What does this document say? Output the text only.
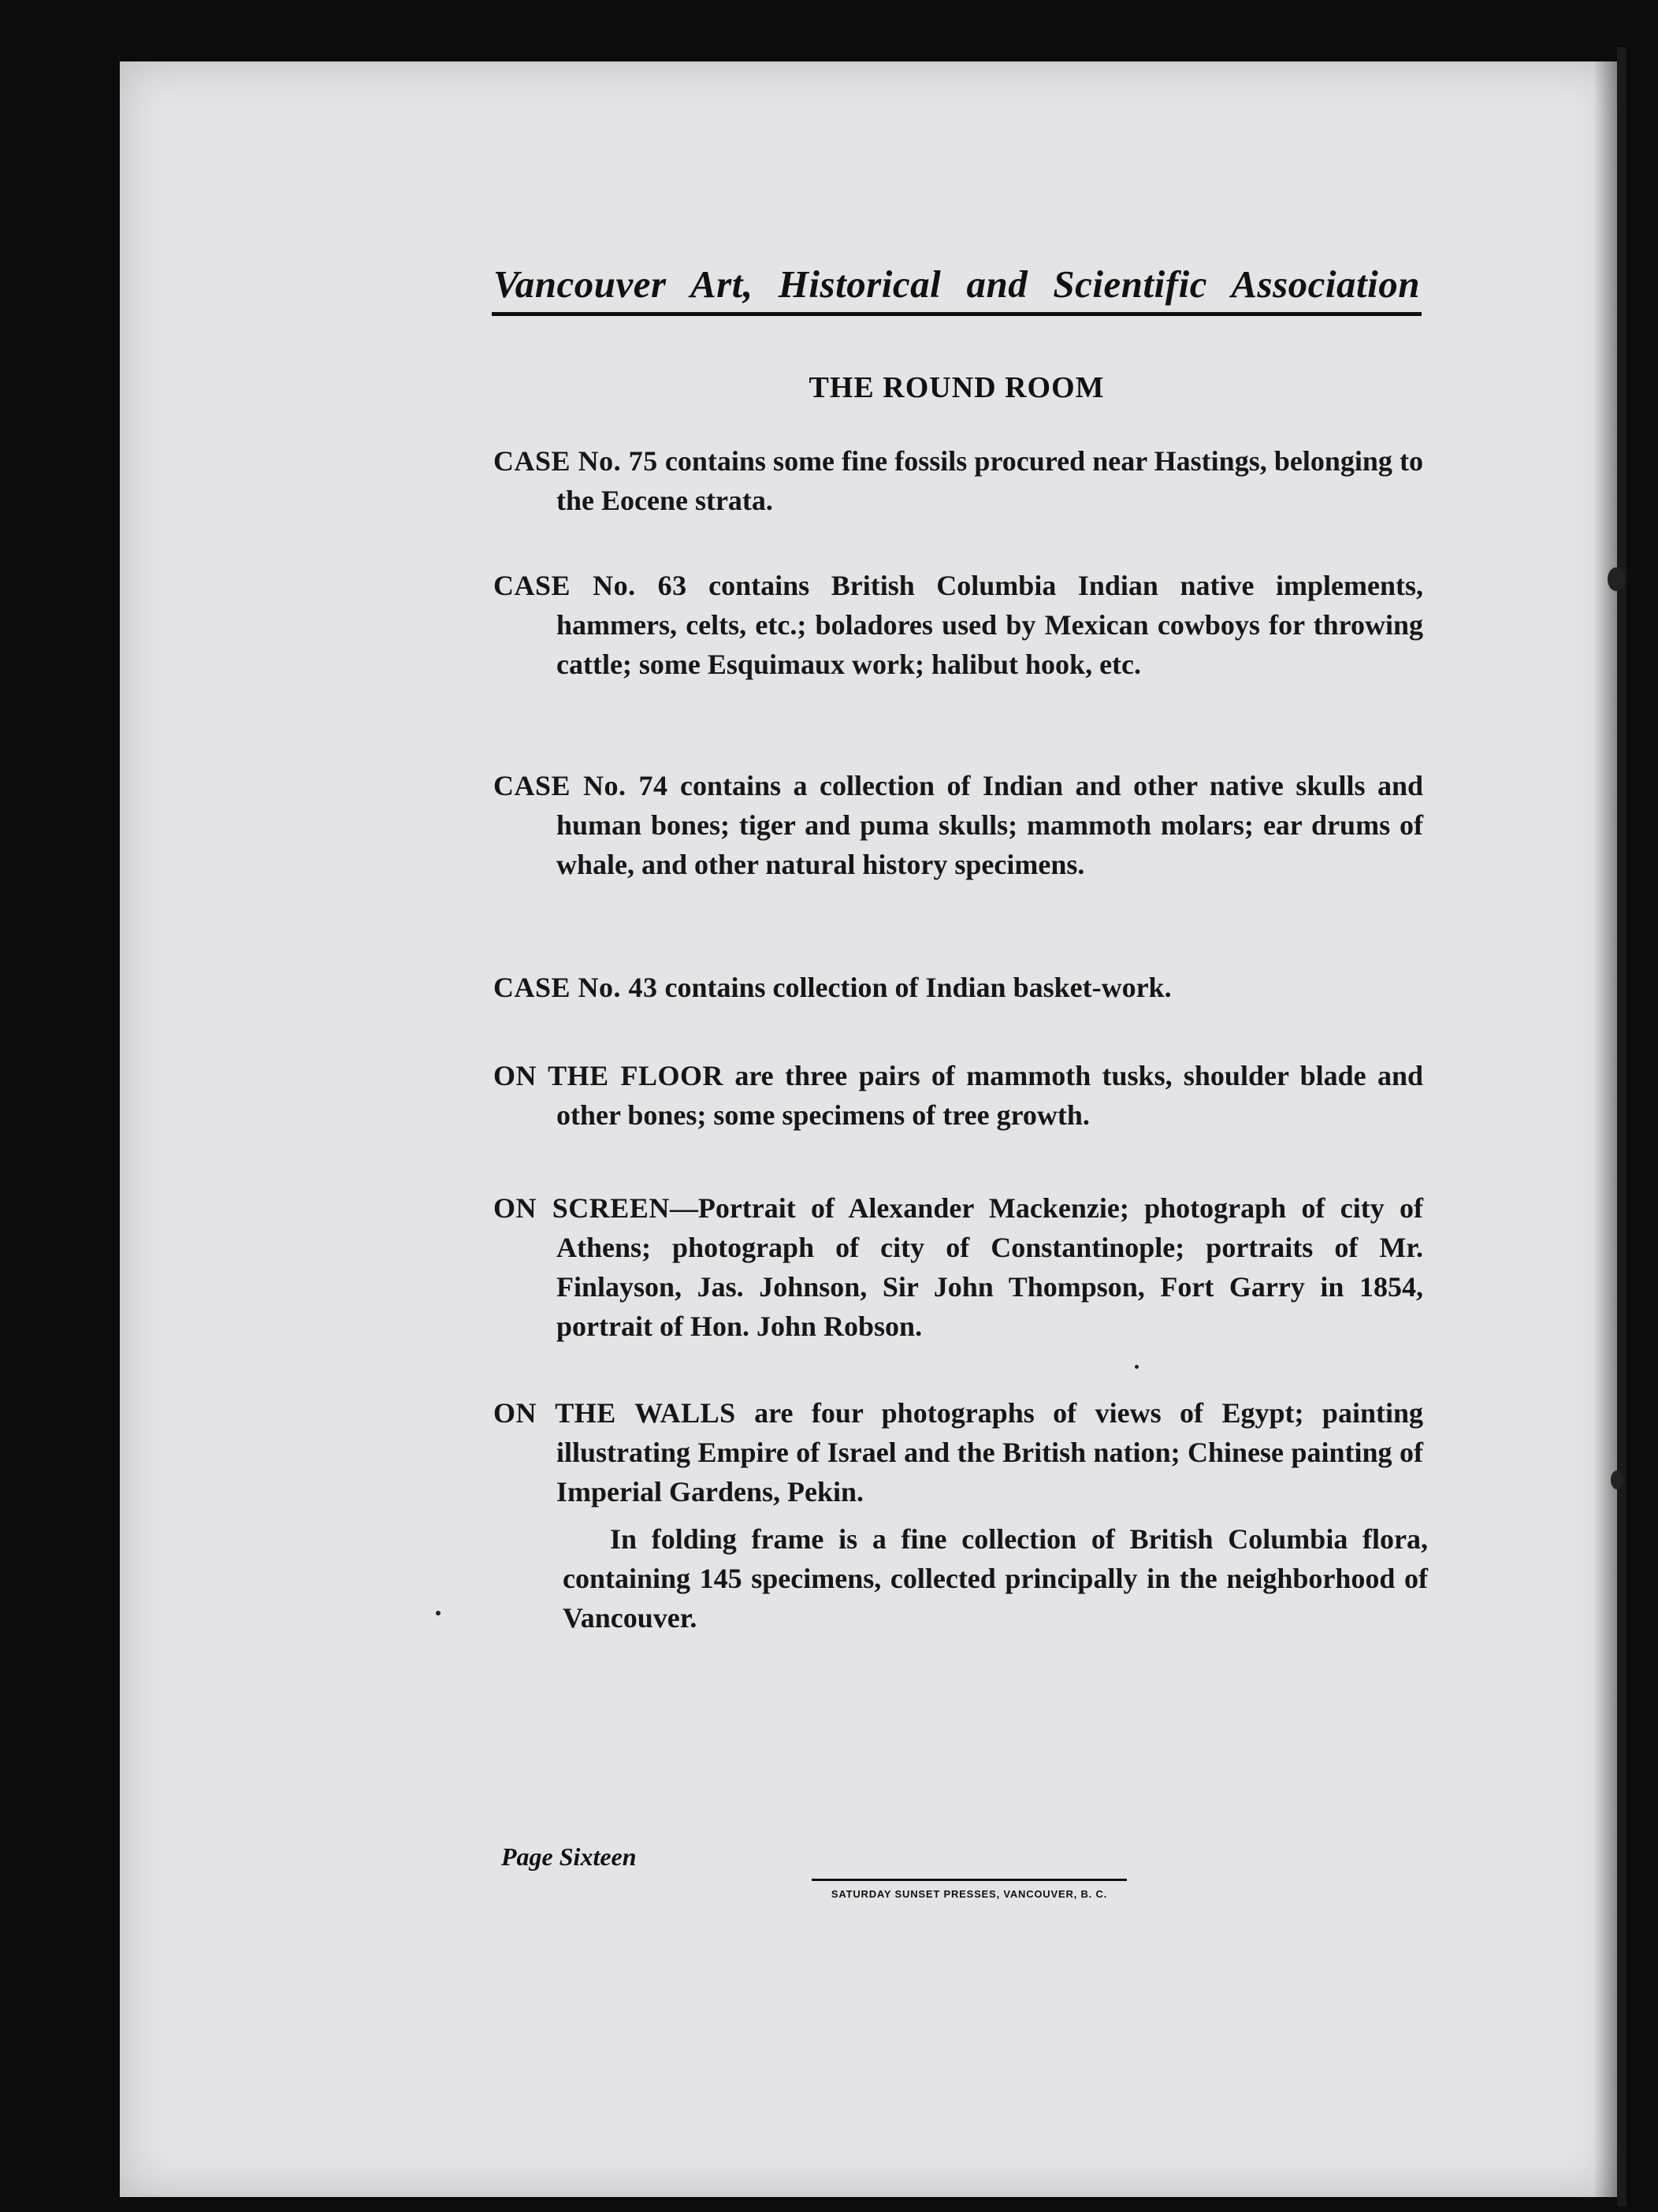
Vancouver Art, Historical and Scientific Association
THE ROUND ROOM
CASE No. 75 contains some fine fossils procured near Hastings, belonging to the Eocene strata.
CASE No. 63 contains British Columbia Indian native implements, hammers, celts, etc.; boladores used by Mexican cowboys for throwing cattle; some Esquimaux work; halibut hook, etc.
CASE No. 74 contains a collection of Indian and other native skulls and human bones; tiger and puma skulls; mammoth molars; ear drums of whale, and other natural history specimens.
CASE No. 43 contains collection of Indian basket-work.
ON THE FLOOR are three pairs of mammoth tusks, shoulder blade and other bones; some specimens of tree growth.
ON SCREEN—Portrait of Alexander Mackenzie; photograph of city of Athens; photograph of city of Constantinople; portraits of Mr. Finlayson, Jas. Johnson, Sir John Thompson, Fort Garry in 1854, portrait of Hon. John Robson.
ON THE WALLS are four photographs of views of Egypt; painting illustrating Empire of Israel and the British nation; Chinese painting of Imperial Gardens, Pekin.
In folding frame is a fine collection of British Columbia flora, containing 145 specimens, collected principally in the neighborhood of Vancouver.
Page Sixteen
SATURDAY SUNSET PRESSES, VANCOUVER, B. C.
